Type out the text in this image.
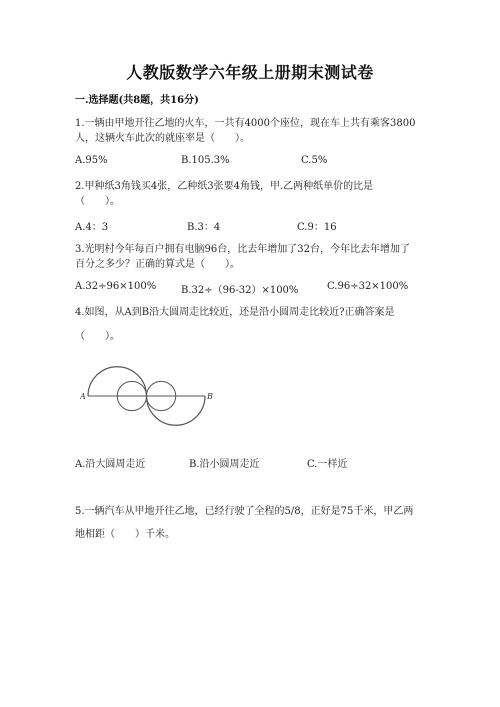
人教版数学六年级上册期末测试卷
一.选择题(共8题，共16分)
1.一辆由甲地开往乙地的火车，一共有4000个座位，现在车上共有乘客3800
人，这辆火车此次的就座率是（　　）。
A.95%	B.105.3%	C.5%
2.甲种纸3角钱买4张，乙种纸3张要4角钱，甲.乙两种纸单价的比是
（　　）。
A.4：3	B.3：4	C.9：16
3.光明村今年每百户拥有电脑96台，比去年增加了32台，今年比去年增加了
百分之多少？正确的算式是（　　）。
A.32÷96×100% B.32÷（96-32）×100%	C.96÷32×100%
4.如图，从A到B沿大圆周走比较近，还是沿小圆周走比较近?正确答案是
（　　）。
A	B
A.沿大圆周走近	B.沿小圆周走近	C.一样近
5.一辆汽车从甲地开往乙地，已经行驶了全程的5/8，正好是75千米，甲乙两
地相距（　　）千米。
